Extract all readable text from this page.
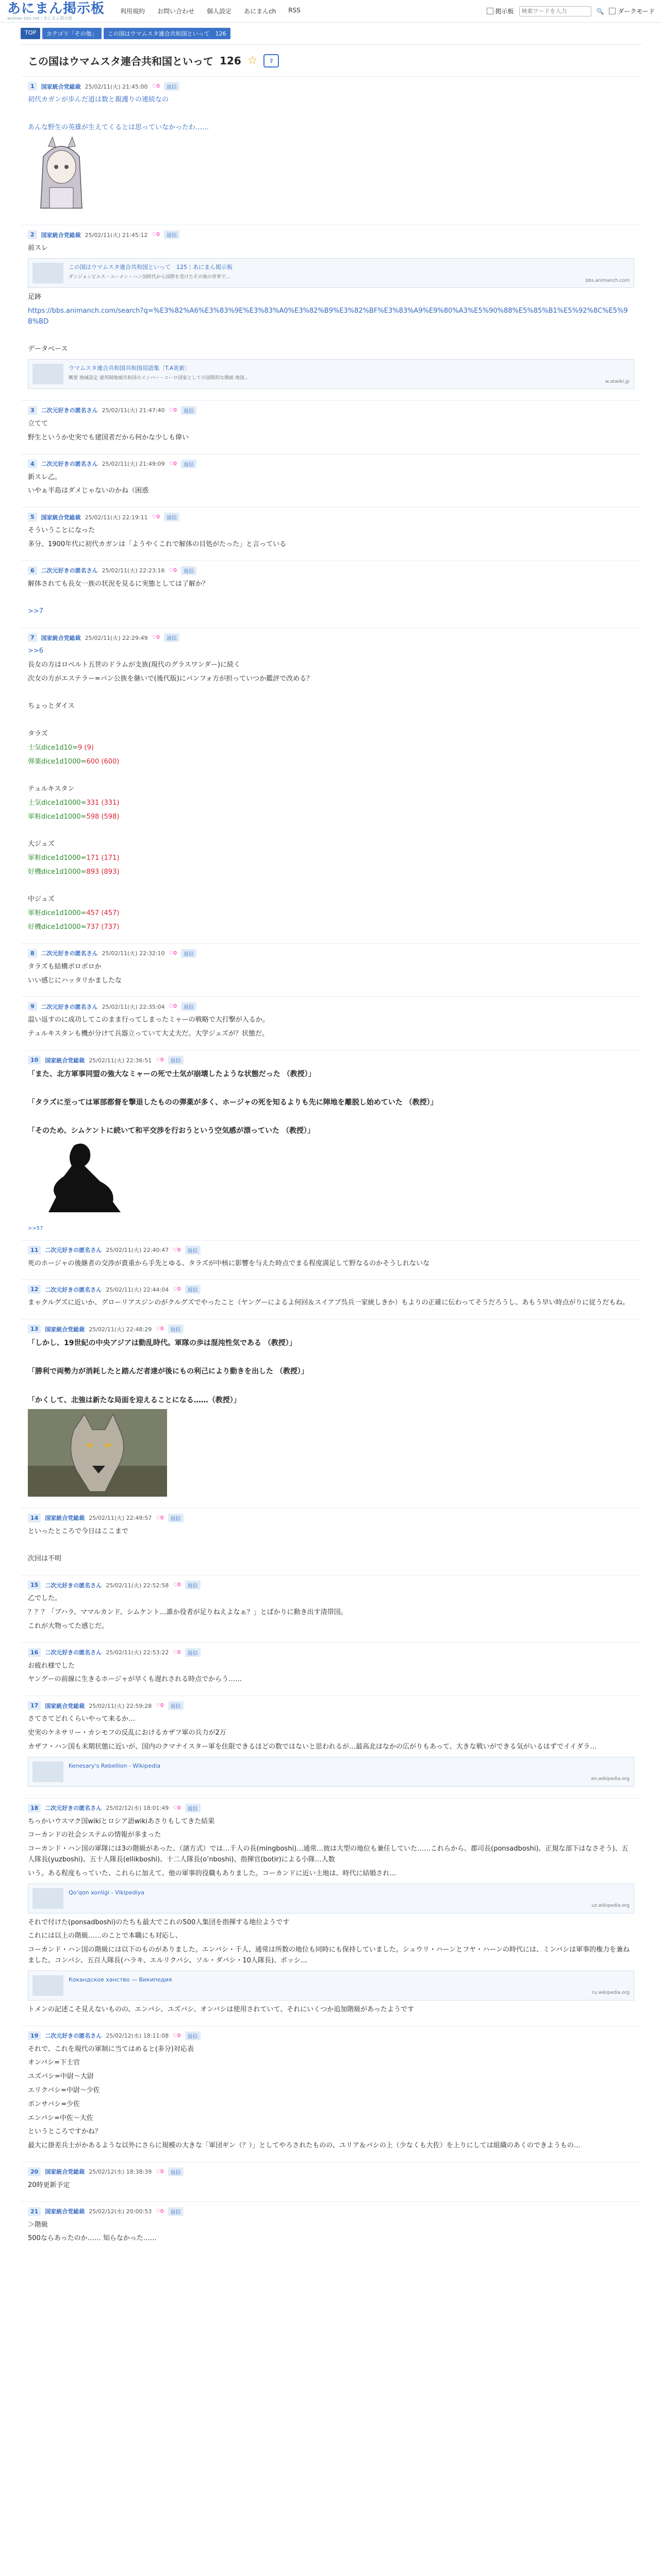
あにまん掲示板
animan bbs.net / あにまん掲示板
利用規約 お問い合わせ 個人設定 あにまんch RSS	掲示板
検索ワードを入力	🔍 ダークモード
TOP	カテゴリ「その他」	この国はウマムスタ連合共和国といって　126
この国はウマムスタ連合共和国といって 126 ☆	⇪
1	国家統合党総裁 25/02/11(火) 21:45:00 ♡0	返信

初代カガンが歩んだ道は数と親護りの連続なの

あんな野生の英雄が生えてくるとは思っていなかったわ……

2	国家統合党総裁 25/02/11(火) 21:45:12 ♡0	返信

前スレ

この国はウマムスタ連合共和国といって　125｜あにまん掲示板
ダンジョンピルス・ユーメン・ハン国時代から国際を受けたその後の世界で…
bbs.animanch.com

足跡

https://bbs.animanch.com/search?q=%E3%82%A6%E3%83%9E%E3%83%A0%E3%82%B9%E3%82%BF%E3%83%A9%E9%80%A3%E5%90%88%E5%85%B1%E5%92%8C%E5%9B%BD

データベース

ウマムスタ連合共和国共和国用語集〔T.A更新〕
概要 地域設定 連邦制地域共和国のメンバー・ユーロ国家としての国際的な側面 地図...
w.atwiki.jp
3	二次元好きの匿名さん 25/02/11(火) 21:47:40 ♡0	返信

立てて

野生というか史実でも建国者だから何かな少しも偉い

4	二次元好きの匿名さん 25/02/11(火) 21:49:09 ♡0	返信

新スレ乙。

いやぁ半島はダメじゃないのかね（困惑

5	国家統合党総裁 25/02/11(火) 22:19:11 ♡0	返信

そういうことになった

多分、1900年代に初代カガンは「ようやくこれで解体の目処がたった」と言っている

6	二次元好きの匿名さん 25/02/11(火) 22:23:16 ♡0	返信

解体されても長女一族の状況を見るに実態としては了解か？

>>7

7	国家統合党総裁 25/02/11(火) 22:29:49 ♡0	返信

>>6

長女の方はロベルト五世のドラムが支族(現代のグラスワンダー)に続く

次女の方がエステラー=パン公族を継いで(後代版)にパンフォ方が担っていつか鑑評で改める？

ちょっとダイス

タラズ

士気dice1d10=9 (9)

弾薬dice1d1000=600 (600)

テュルキスタン

士気dice1d1000=331 (331)

軍粧dice1d1000=598 (598)

大ジュズ

軍粧dice1d1000=171 (171)

好機dice1d1000=893 (893)

中ジュズ

軍粧dice1d1000=457 (457)

好機dice1d1000=737 (737)

8	二次元好きの匿名さん 25/02/11(火) 22:32:10 ♡0	返信

タラズも結構ボロボロか

いい感じにハッタリかましたな

9	二次元好きの匿名さん 25/02/11(火) 22:35:04 ♡0	返信

温い返すのに成功してこのまま行ってしまったミャーの戦略で大打撃が入るか。

テュルキスタンも機が分けて兵器立っていて大丈夫だ。大学ジュズが？状態だ。

10	国家統合党総裁 25/02/11(火) 22:36:51 ♡0	返信

「また、北方軍事同盟の強大なミャーの死で土気が崩壊したような状態だった （教授）」

「タラズに至っては軍部都督を撃退したものの弾薬が多く、ホージャの死を知るよりも先に陣地を離脱し始めていた （教授）」

「そのため、シムケントに続いて和平交渉を行おうという空気感が漂っていた （教授）」

>>57
11	二次元好きの匿名さん 25/02/11(火) 22:40:47 ♡0	返信

死のホージャの後継者の交渉が貴重から手先とゆる、タラズが中核に影響を与えた時点でまる程度満足して野なるのかそうしれないな

12	二次元好きの匿名さん 25/02/11(火) 22:44:04 ♡0	返信

まゃクルグズに近いか、グローリアスジンのがクルグズでやったこと（ヤングーによるよ何回＆スイアブ呉兵一家統しきか）もよりの正確に伝わってそうだろうし、あもう早い時点がりに従うだもね。

13	国家統合党総裁 25/02/11(火) 22:48:29 ♡0	返信

「しかし、19世紀の中央アジアは動乱時代。軍隊の歩は混沌性気である （教授）」

「勝利で両勢力が消耗したと踏んだ者達が後にもの利己により動きを出した （教授）」

「かくして、北強は新たな局面を迎えることになる……（教授）」

14	国家統合党総裁 25/02/11(火) 22:49:57 ♡0	返信

といったところで今日はここまで

次回は不明

15	二次元好きの匿名さん 25/02/11(火) 22:52:58 ♡0	返信

乙でした。

？？？「ブハラ、ママルカンド、シムケント…誰か役者が足りねえよなぁ？」とばかりに動き出す清帯国。

これが大物ってた感じだ。

16	二次元好きの匿名さん 25/02/11(火) 22:53:22 ♡0	返信

お疲れ様でした

ヤングーの前線に生きるホージャが早くも遅れされる時点でからう……

17	国家統合党総裁 25/02/11(火) 22:59:28 ♡0	返信

さてさてどれくらいやって来るか…

史実のケネサリー・カシモフの反乱におけるカザフ軍の兵力が2万

カザフ・ハン国も末期状態に近いが、国内のクマナイスター軍を住限できるほどの数ではないと思われるが…最高北はなかの広がりもあって、大きな戦いができる気がいるはずでイイダラ…

Kenesary's Rebellion - Wikipedia
en.wikipedia.org
18	二次元好きの匿名さん 25/02/12(水) 18:01:49 ♡0	返信

ちっかいウスマク国wikiとロシア語wikiあさりもしてきた結果

コーカンドの社会システムの情報が多まった

コーカンド・ハン国の軍隊には3の階級があった、（諸方式）では…千人の長(mingboshi)…通常…彼は大型の地位も兼任していた……これらから、郡司長(ponsadboshi)、正規な部下はなさそう)、五人隊長(yuzboshi)、五十人隊長(ellikboshi)、十二人隊長(o’nboshi)、指揮官(botir)による小隊…人数

いう。ある程度もっていた、これらに加えて、他の軍事的役職もありました。コーカンドに近い土地は、時代に結婚され…

Qo‘qon xonligi - Vikipediya
uz.wikipedia.org

それで付けた(ponsadboshi)のたちも最大でこれの500人集団を指揮する地位ようです

これには以上の階級……のことで本職にも対応し、

コーカンド・ハン国の階級には以下のものがありました。エンバシ・千人、通常は所数の地位も同時にも保持していました。シュウリ・ハーンとフヤ・ハーンの時代には、ミンバシは軍事的権力を兼ねました。コンパシ、五百人隊長(ハラキ、エルリクバシ、ソル・ダバシ・10人隊長)、ボッシ…

Кокандское ханство — Википедия
ru.wikipedia.org

トメンの記述こそ見えないものの、エンバシ、ユズバシ、オンバシは使用されていて、それにいくつか追加階級があったようです

19	二次元好きの匿名さん 25/02/12(水) 18:11:08 ♡0	返信

それで、これを現代の軍制に当てはめると(多分)対応表

オンバシ=下士官

ユズバシ=中尉～大尉

エリクバシ=中尉～少佐

ポンサバシ=少佐

エンバシ=中佐～大佐

というところですかね？

最大に掛差兵士がかあるような以外にさらに規模の大きな「軍団ギン（？）」としてやろされたものの、ユリア＆バシの上（少なくも大佐）を上りにしては組織のあくのできようもの…

20	国家統合党総裁 25/02/12(水) 18:38:39 ♡0	返信

20時更新予定

21	国家統合党総裁 25/02/12(水) 20:00:53 ♡0	返信

＞階級

500ならあったのか…… 知らなかった……
